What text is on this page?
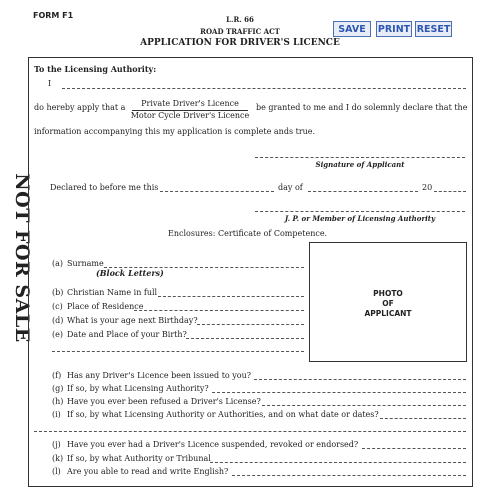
FORM F1	L.R. 66
ROAD TRAFFIC ACT
APPLICATION FOR DRIVER'S LICENCE
SAVE	PRINT RESET
NOT FOR SALE
To the Licensing Authority:
I
do hereby apply that a	Private Driver's Licence
Motor Cycle Driver's Licence
be granted to me and I do solemnly declare that the
information accompanying this my application is complete ands true.
Signature of Applicant
Declared to before me this	day of	20
J. P. or Member of Licensing Authority
Enclosures: Certificate of Competence.
PHOTO
OF
APPLICANT
(a) Surname
(Block Letters)
(b) Christian Name in full
(c) Place of Residence
(d) What is your age next Birthday?
(e) Date and Place of your Birth?
(f) Has any Driver's Licence been issued to you?
(g) If so, by what Licensing Authority?
(h) Have you ever been refused a Driver's License?
(i) If so, by what Licensing Authority or Authorities, and on what date or dates?
(j) Have you ever had a Driver's Licence suspended, revoked or endorsed?
(k) If so, by what Authority or Tribunal
(l) Are you able to read and write English?
